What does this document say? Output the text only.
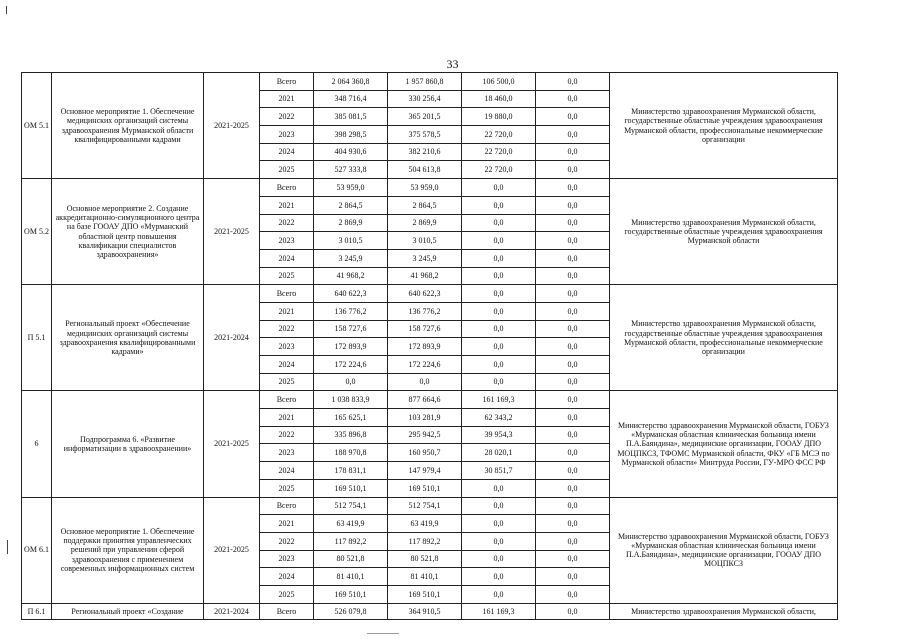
33
ОМ 5.1	Основное мероприятие 1. Обеспечение медицинских организаций системы здравоохранения Мурманской области квалифицированными кадрами	2021-2025	Всего	2 064 360,8	1 957 860,8	106 500,0	0,0	Министерство здравоохранения Мурманской области, государственные областные учреждения здравоохранения Мурманской области, профессиональные некоммерческие организации
			2021	348 716,4	330 256,4	18 460,0	0,0	
			2022	385 081,5	365 201,5	19 880,0	0,0	
			2023	398 298,5	375 578,5	22 720,0	0,0	
			2024	404 930,6	382 210,6	22 720,0	0,0	
			2025	527 333,8	504 613,8	22 720,0	0,0	
ОМ 5.2	Основное мероприятие 2. Создание аккредитационно-симуляционного центра на базе ГООАУ ДПО «Мурманский областной центр повышения квалификации специалистов здравоохранения»	2021-2025	Всего	53 959,0	53 959,0	0,0	0,0	Министерство здравоохранения Мурманской области, государственные областные учреждения здравоохранения Мурманской области
			2021	2 864,5	2 864,5	0,0	0,0	
			2022	2 869,9	2 869,9	0,0	0,0	
			2023	3 010,5	3 010,5	0,0	0,0	
			2024	3 245,9	3 245,9	0,0	0,0	
			2025	41 968,2	41 968,2	0,0	0,0	
П 5.1	Региональный проект «Обеспечение медицинских организаций системы здравоохранения квалифицированными кадрами»	2021-2024	Всего	640 622,3	640 622,3	0,0	0,0	Министерство здравоохранения Мурманской области, государственные областные учреждения здравоохранения Мурманской области, профессиональные некоммерческие организации
			2021	136 776,2	136 776,2	0,0	0,0	
			2022	158 727,6	158 727,6	0,0	0,0	
			2023	172 893,9	172 893,9	0,0	0,0	
			2024	172 224,6	172 224,6	0,0	0,0	
			2025	0,0	0,0	0,0	0,0	
6	Подпрограмма 6. «Развитие информатизации в здравоохранении»	2021-2025	Всего	1 038 833,9	877 664,6	161 169,3	0,0	Министерство здравоохранения Мурманской области, ГОБУЗ «Мурманская областная клиническая больница имени П.А.Баяндина», медицинские организации, ГООАУ ДПО МОЦПКСЗ, ТФОМС Мурманской области, ФКУ «ГБ МСЭ по Мурманской области» Минтруда России, ГУ-МРО ФСС РФ
			2021	165 625,1	103 281,9	62 343,2	0,0	
			2022	335 896,8	295 942,5	39 954,3	0,0	
			2023	188 970,8	160 950,7	28 020,1	0,0	
			2024	178 831,1	147 979,4	30 851,7	0,0	
			2025	169 510,1	169 510,1	0,0	0,0	
ОМ 6.1	Основное мероприятие 1. Обеспечение поддержки принятия управленческих решений при управлении сферой здравоохранения с применением современных информационных систем	2021-2025	Всего	512 754,1	512 754,1	0,0	0,0	Министерство здравоохранения Мурманской области, ГОБУЗ «Мурманская областная клиническая больница имени П.А.Баяндина», медицинские организации, ГООАУ ДПО МОЦПКСЗ
			2021	63 419,9	63 419,9	0,0	0,0	
			2022	117 892,2	117 892,2	0,0	0,0	
			2023	80 521,8	80 521,8	0,0	0,0	
			2024	81 410,1	81 410,1	0,0	0,0	
			2025	169 510,1	169 510,1	0,0	0,0	
П 6.1	Региональный проект «Создание	2021-2024	Всего	526 079,8	364 910,5	161 169,3	0,0	Министерство здравоохранения Мурманской области,
